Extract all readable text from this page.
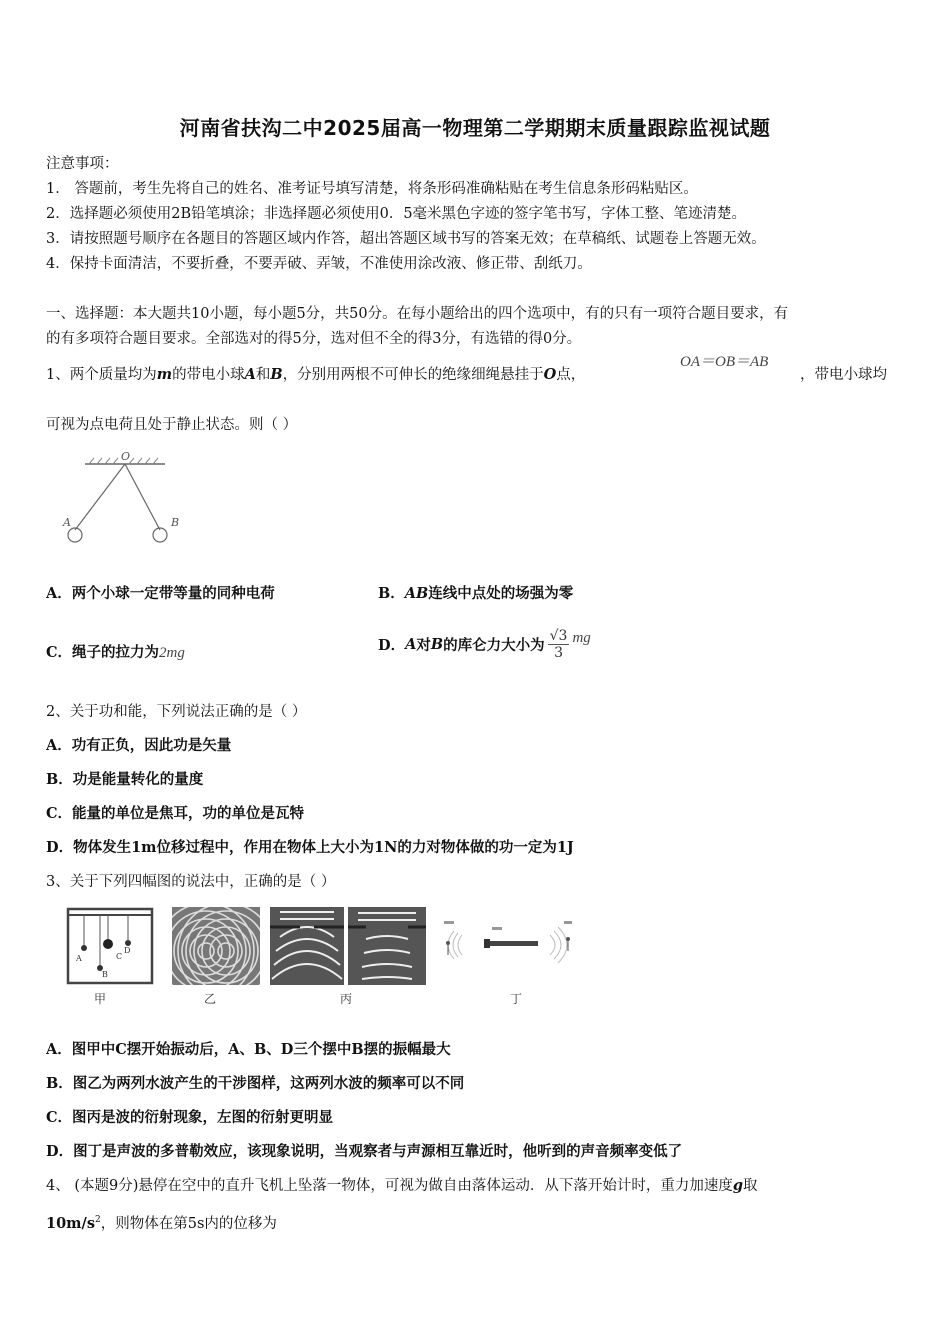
河南省扶沟二中2025届高一物理第二学期期末质量跟踪监视试题
注意事项：
1． 答题前，考生先将自己的姓名、准考证号填写清楚，将条形码准确粘贴在考生信息条形码粘贴区。
2．选择题必须使用2B铅笔填涂；非选择题必须使用0．5毫米黑色字迹的签字笔书写，字体工整、笔迹清楚。
3．请按照题号顺序在各题目的答题区域内作答，超出答题区域书写的答案无效；在草稿纸、试题卷上答题无效。
4．保持卡面清洁，不要折叠，不要弄破、弄皱，不准使用涂改液、修正带、刮纸刀。
一、选择题：本大题共10小题，每小题5分，共50分。在每小题给出的四个选项中，有的只有一项符合题目要求，有
的有多项符合题目要求。全部选对的得5分，选对但不全的得3分，有选错的得0分。
1、两个质量均为m的带电小球A和B，分别用两根不可伸长的绝缘细绳悬挂于O点，
OA＝OB＝AB
，带电小球均
可视为点电荷且处于静止状态。则（ ）
O
A	B
A．两个小球一定带等量的同种电荷	B．AB连线中点处的场强为零
C．绳子的拉力为2mg	D． A 对 B 的库仑力大小为 $\frac{√3}{3}$ mg
2、关于功和能，下列说法正确的是（ ）
A．功有正负，因此功是矢量
B．功是能量转化的量度
C．能量的单位是焦耳，功的单位是瓦特
D．物体发生1m位移过程中，作用在物体上大小为1N的力对物体做的功一定为1J
3、关于下列四幅图的说法中，正确的是（ ）
A
B
C
D
甲	乙	丙	丁
A．图甲中C摆开始振动后，A、B、D三个摆中B摆的振幅最大
B．图乙为两列水波产生的干涉图样，这两列水波的频率可以不同
C．图丙是波的衍射现象，左图的衍射更明显
D．图丁是声波的多普勒效应，该现象说明，当观察者与声源相互靠近时，他听到的声音频率变低了
4、 (本题9分)悬停在空中的直升飞机上坠落一物体，可视为做自由落体运动．从下落开始计时，重力加速度g取
$10m/s^2$，则物体在第5s内的位移为
